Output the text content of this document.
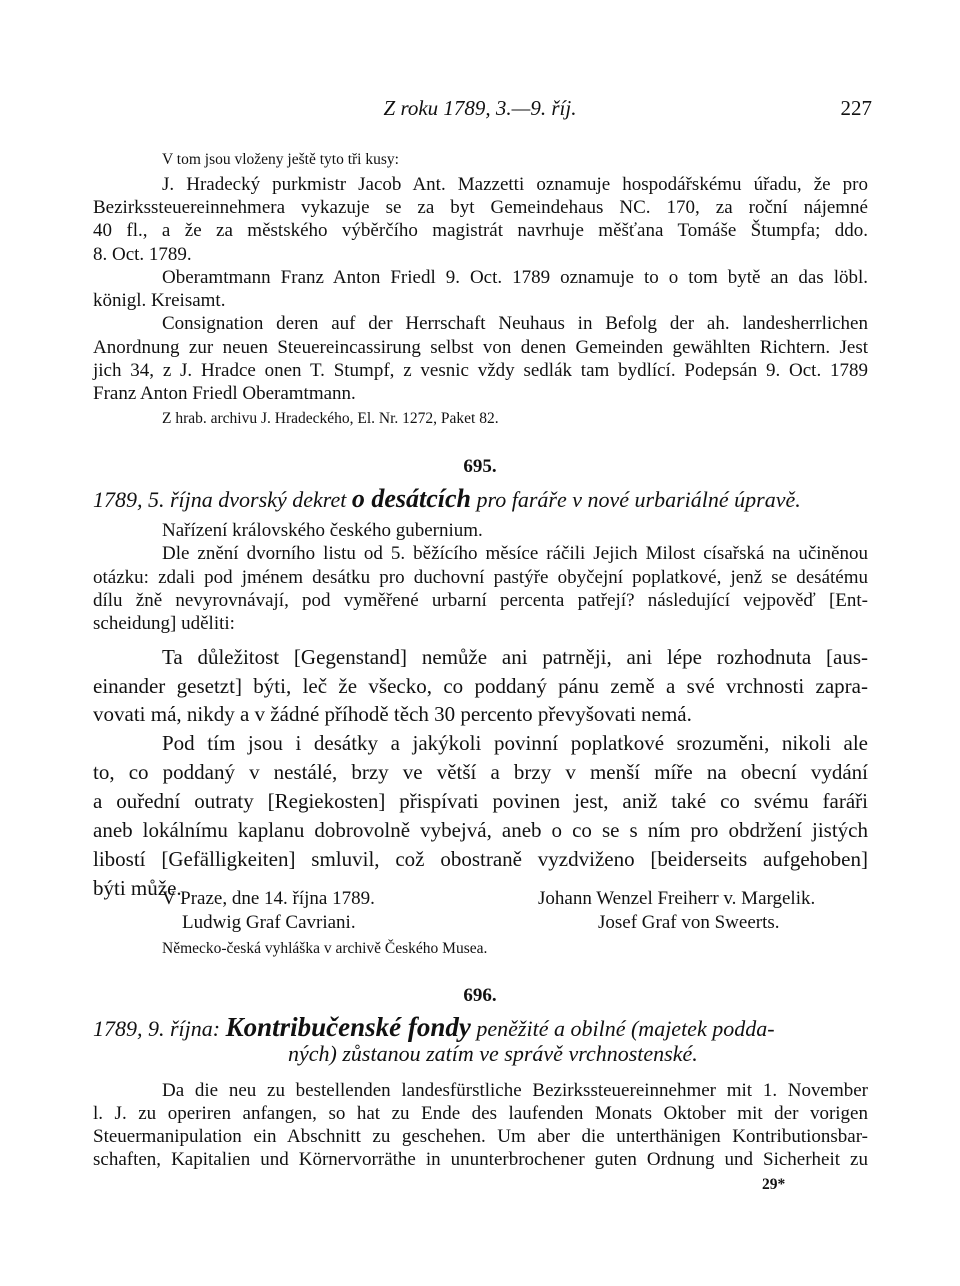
Z roku 1789, 3.—9. říj.	227
V tom jsou vloženy ještě tyto tři kusy:
J. Hradecký purkmistr Jacob Ant. Mazzetti oznamuje hospodářskému úřadu, že pro
Bezirkssteuereinnehmera vykazuje se za byt Gemeindehaus NC. 170, za roční nájemné
40 fl., a že za městského výběrčího magistrát navrhuje měšťana Tomáše Štumpfa; ddo.
8. Oct. 1789.
Oberamtmann Franz Anton Friedl 9. Oct. 1789 oznamuje to o tom bytě an das löbl.
königl. Kreisamt.
Consignation deren auf der Herrschaft Neuhaus in Befolg der ah. landesherrlichen
Anordnung zur neuen Steuereincassirung selbst von denen Gemeinden gewählten Richtern. Jest
jich 34, z J. Hradce onen T. Stumpf, z vesnic vždy sedlák tam bydlící. Podepsán 9. Oct. 1789
Franz Anton Friedl Oberamtmann.
Z hrab. archivu J. Hradeckého, El. Nr. 1272, Paket 82.
695.
1789, 5. října dvorský dekret o desátcích pro faráře v nové urbariálné úpravě.
Nařízení královského českého gubernium.
Dle znění dvorního listu od 5. běžícího měsíce ráčili Jejich Milost císařská na učiněnou
otázku: zdali pod jménem desátku pro duchovní pastýře obyčejní poplatkové, jenž se desátému
dílu žně nevyrovnávají, pod vyměřené urbarní percenta patřejí? následující vejpověď [Ent-
scheidung] uděliti:
Ta důležitost [Gegenstand] nemůže ani patrněji, ani lépe rozhodnuta [aus-
einander gesetzt] býti, leč že všecko, co poddaný pánu země a své vrchnosti zapra-
vovati má, nikdy a v žádné příhodě těch 30 percento převyšovati nemá.
Pod tím jsou i desátky a jakýkoli povinní poplatkové srozuměni, nikoli ale
to, co poddaný v nestálé, brzy ve větší a brzy v menší míře na obecní vydání
a ouřední outraty [Regiekosten] přispívati povinen jest, aniž také co svému faráři
aneb lokálnímu kaplanu dobrovolně vybejvá, aneb o co se s ním pro obdržení jistých
libostí [Gefälligkeiten] smluvil, což obostraně vyzdviženo [beiderseits aufgehoben]
býti může.
V Praze, dne 14. října 1789.	Johann Wenzel Freiherr v. Margelik.
Ludwig Graf Cavriani.	Josef Graf von Sweerts.
Německo-česká vyhláška v archivě Českého Musea.
696.
1789, 9. října: Kontribučenské fondy peněžité a obilné (majetek podda-
ných) zůstanou zatím ve správě vrchnostenské.
Da die neu zu bestellenden landesfürstliche Bezirkssteuereinnehmer mit 1. November
l. J. zu operiren anfangen, so hat zu Ende des laufenden Monats Oktober mit der vorigen
Steuermanipulation ein Abschnitt zu geschehen. Um aber die unterthänigen Kontributionsbar-
schaften, Kapitalien und Körnervorräthe in ununterbrochener guten Ordnung und Sicherheit zu
29*
